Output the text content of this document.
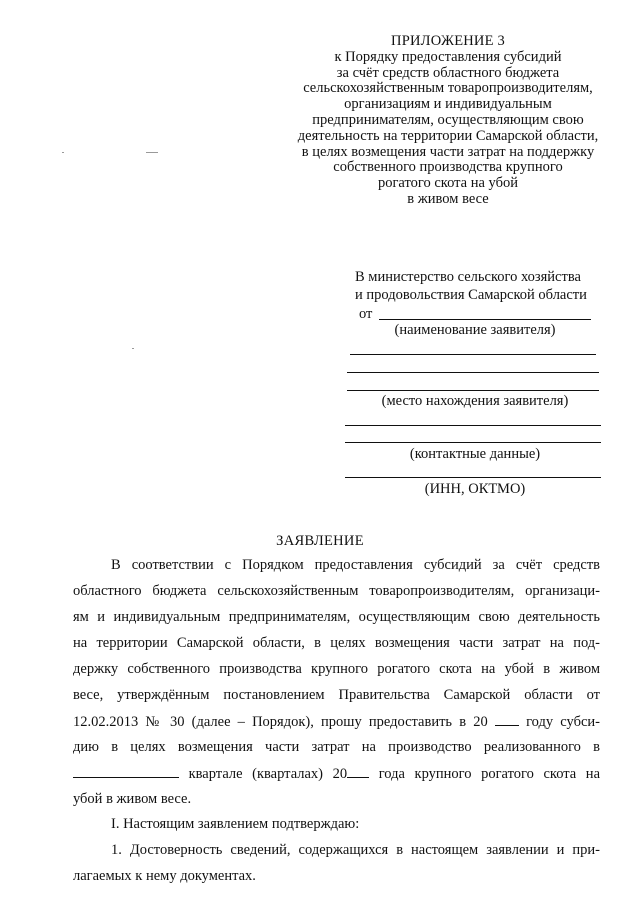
ПРИЛОЖЕНИЕ 3
к Порядку предоставления субсидий
за счёт средств областного бюджета
сельскохозяйственным товаропроизводителям,
организациям и индивидуальным
предпринимателям, осуществляющим свою
деятельность на территории Самарской области,
в целях возмещения части затрат на поддержку
собственного производства крупного
рогатого скота на убой
в живом весе
В министерство сельского хозяйства
и продовольствия Самарской области
от
(наименование заявителя)
(место нахождения заявителя)
(контактные данные)
(ИНН, ОКТМО)
ЗАЯВЛЕНИЕ
В соответствии с Порядком предоставления субсидий за счёт средств
областного бюджета сельскохозяйственным товаропроизводителям, организаци-
ям и индивидуальным предпринимателям, осуществляющим свою деятельность
на территории Самарской области, в целях возмещения части затрат на под-
держку собственного производства крупного рогатого скота на убой в живом
весе, утверждённым постановлением Правительства Самарской области от
12.02.2013 № 30 (далее – Порядок), прошу предоставить в 20	году субси-
дию в целях возмещения части затрат на производство реализованного в
квартале (кварталах) 20 года крупного рогатого скота на
убой в живом весе.
I. Настоящим заявлением подтверждаю:
1. Достоверность сведений, содержащихся в настоящем заявлении и при-
лагаемых к нему документах.
